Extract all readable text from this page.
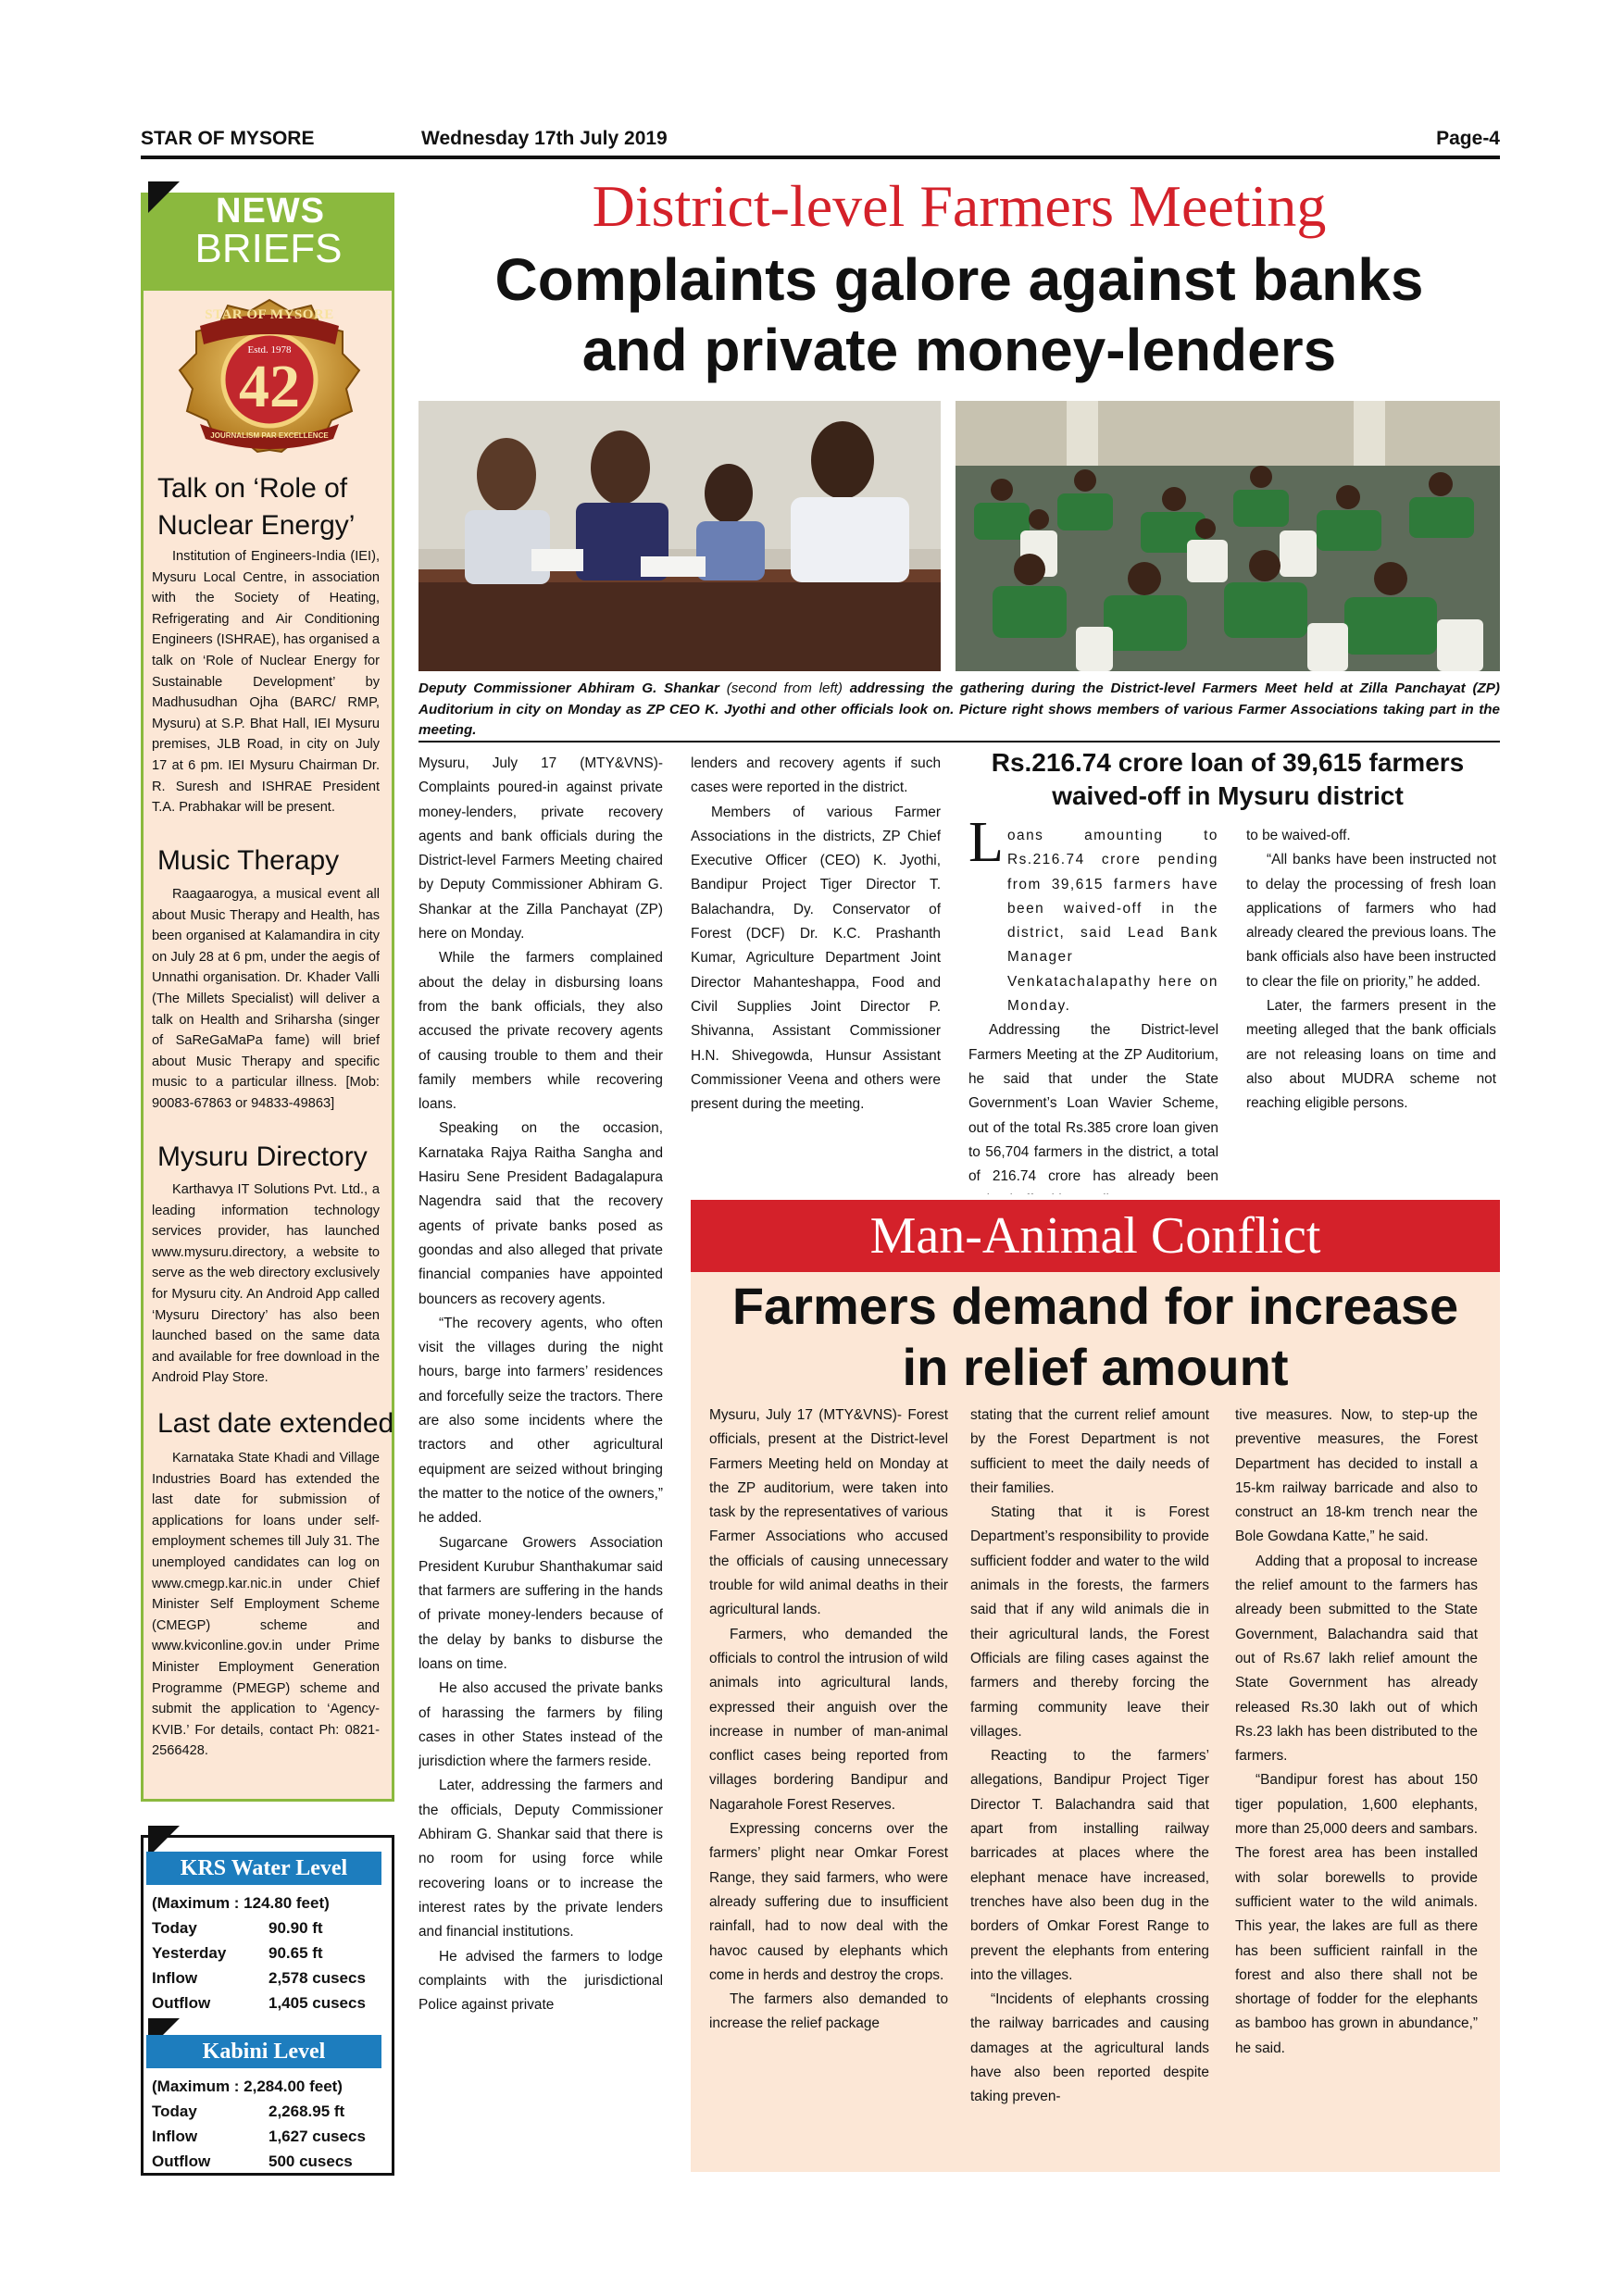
STAR OF MYSORE	Wednesday 17th July 2019	Page-4
NEWS
BRIEFS
STAR OF MYSORE
Estd. 1978
42
JOURNALISM PAR EXCELLENCE
Talk on ‘Role of
Nuclear Energy’

Institution of Engineers-India (IEI), Mysuru Local Centre, in association with the Society of Heating, Refrigerating and Air Conditioning Engineers (ISHRAE), has organised a talk on ‘Role of Nuclear Energy for Sustainable Development’ by Madhusudhan Ojha (BARC/ RMP, Mysuru) at S.P. Bhat Hall, IEI Mysuru premises, JLB Road, in city on July 17 at 6 pm. IEI Mysuru Chairman Dr. R. Suresh and ISHRAE President T.A. Prabhakar will be present.

Music Therapy

Raagaarogya, a musical event all about Music Therapy and Health, has been organised at Kalamandira in city on July 28 at 6 pm, under the aegis of Unnathi organisation. Dr. Khader Valli (The Millets Specialist) will deliver a talk on Health and Sriharsha (singer of SaReGaMaPa fame) will brief about Music Therapy and specific music to a particular illness. [Mob: 90083-67863 or 94833-49863]

Mysuru Directory

Karthavya IT Solutions Pvt. Ltd., a leading information technology services provider, has launched www.mysuru.directory, a website to serve as the web directory exclusively for Mysuru city. An Android App called ‘Mysuru Directory’ has also been launched based on the same data and available for free download in the Android Play Store.

Last date extended

Karnataka State Khadi and Village Industries Board has extended the last date for submission of applications for loans under self-employment schemes till July 31. The unemployed candidates can log on www.cmegp.kar.nic.in under Chief Minister Self Employment Scheme (CMEGP) scheme and www.kviconline.gov.in under Prime Minister Employment Generation Programme (PMEGP) scheme and submit the application to ‘Agency-KVIB.’ For details, contact Ph: 0821-2566428.

KRS Water Level
(Maximum : 124.80 feet)
Today	90.90 ft
Yesterday	90.65 ft
Inflow	2,578 cusecs
Outflow	1,405 cusecs
Kabini Level
(Maximum : 2,284.00 feet)
Today	2,268.95 ft
Inflow	1,627 cusecs
Outflow	500 cusecs
District-level Farmers Meeting
Complaints galore against banks
and private money-lenders
Deputy Commissioner Abhiram G. Shankar (second from left) addressing the gathering during the District-level Farmers Meet held at Zilla Panchayat (ZP) Auditorium in city on Monday as ZP CEO K. Jyothi and other officials look on. Picture right shows members of various Farmer Associations taking part in the meeting.

Mysuru, July 17 (MTY&VNS)- Complaints poured-in against private money-lenders, private recovery agents and bank officials during the District-level Farmers Meeting chaired by Deputy Commissioner Abhiram G. Shankar at the Zilla Panchayat (ZP) here on Monday.

While the farmers complained about the delay in disbursing loans from the bank officials, they also accused the private recovery agents of causing trouble to them and their family members while recovering loans.

Speaking on the occasion, Karnataka Rajya Raitha Sangha and Hasiru Sene President Badagalapura Nagendra said that the recovery agents of private banks posed as goondas and also alleged that private financial companies have appointed bouncers as recovery agents.

“The recovery agents, who often visit the villages during the night hours, barge into farmers’ residences and forcefully seize the tractors. There are also some incidents where the tractors and other agricultural equipment are seized without bringing the matter to the notice of the owners,” he added.

Sugarcane Growers Association President Kurubur Shanthakumar said that farmers are suffering in the hands of private money-lenders because of the delay by banks to disburse the loans on time.

He also accused the private banks of harassing the farmers by filing cases in other States instead of the jurisdiction where the farmers reside.

Later, addressing the farmers and the officials, Deputy Commissioner Abhiram G. Shankar said that there is no room for using force while recovering loans or to increase the interest rates by the private lenders and financial institutions.

He advised the farmers to lodge complaints with the jurisdictional Police against private

lenders and recovery agents if such cases were reported in the district.

Members of various Farmer Associations in the districts, ZP Chief Executive Officer (CEO) K. Jyothi, Bandipur Project Tiger Director T. Balachandra, Dy. Conservator of Forest (DCF) Dr. K.C. Prashanth Kumar, Agriculture Department Joint Director Mahanteshappa, Food and Civil Supplies Joint Director P. Shivanna, Assistant Commissioner H.N. Shivegowda, Hunsur Assistant Commissioner Veena and others were present during the meeting.

Rs.216.74 crore loan of 39,615 farmers
waived-off in Mysuru district
L oans amounting to Rs.216.74 crore pending from 39,615 farmers have been waived-off in the district, said Lead Bank Manager Venkatachalapathy here on Monday.

Addressing the District-level Farmers Meeting at the ZP Auditorium, he said that under the State Government’s Loan Wavier Scheme, out of the total Rs.385 crore loan given to 56,704 farmers in the district, a total of 216.74 crore has already been

to be waived-off.

“All banks have been instructed not to delay the processing of fresh loan applications of farmers who had already cleared the previous loans. The bank officials also have been instructed to clear the file on priority,” he added.

Later, the farmers present in the meeting alleged that the bank officials are not releasing loans on time and also about MUDRA scheme not reaching eligible persons.

Man-Animal Conflict
Farmers demand for increase
in relief amount

Mysuru, July 17 (MTY&VNS)- Forest officials, present at the District-level Farmers Meeting held on Monday at the ZP auditorium, were taken into task by the representatives of various Farmer Associations who accused the officials of causing unnecessary trouble for wild animal deaths in their agricultural lands.

Farmers, who demanded the officials to control the intrusion of wild animals into agricultural lands, expressed their anguish over the increase in number of man-animal conflict cases being reported from villages bordering Bandipur and Nagarahole Forest Reserves.

Expressing concerns over the farmers’ plight near Omkar Forest Range, they said farmers, who were already suffering due to insufficient rainfall, had to now deal with the havoc caused by elephants which come in herds and destroy the crops.

The farmers also demanded to increase the relief package

stating that the current relief amount by the Forest Department is not sufficient to meet the daily needs of their families.

Stating that it is Forest Department’s responsibility to provide sufficient fodder and water to the wild animals in the forests, the farmers said that if any wild animals die in their agricultural lands, the Forest Officials are filing cases against the farmers and thereby forcing the farming community leave their villages.

Reacting to the farmers’ allegations, Bandipur Project Tiger Director T. Balachandra said that apart from installing railway barricades at places where the elephant menace have increased, trenches have also been dug in the borders of Omkar Forest Range to prevent the elephants from entering into the villages.

“Incidents of elephants crossing the railway barricades and causing damages at the agricultural lands have also been reported despite taking preven-

tive measures. Now, to step-up the preventive measures, the Forest Department has decided to install a 15-km railway barricade and also to construct an 18-km trench near the Bole Gowdana Katte,” he said.

Adding that a proposal to increase the relief amount to the farmers has already been submitted to the State Government, Balachandra said that out of Rs.67 lakh relief amount the State Government has already released Rs.30 lakh out of which Rs.23 lakh has been distributed to the farmers.

“Bandipur forest has about 150 tiger population, 1,600 elephants, more than 25,000 deers and sambars. The forest area has been installed with solar borewells to provide sufficient water to the wild animals. This year, the lakes are full as there has been sufficient rainfall in the forest and also there shall not be shortage of fodder for the elephants as bamboo has grown in abundance,” he said.
